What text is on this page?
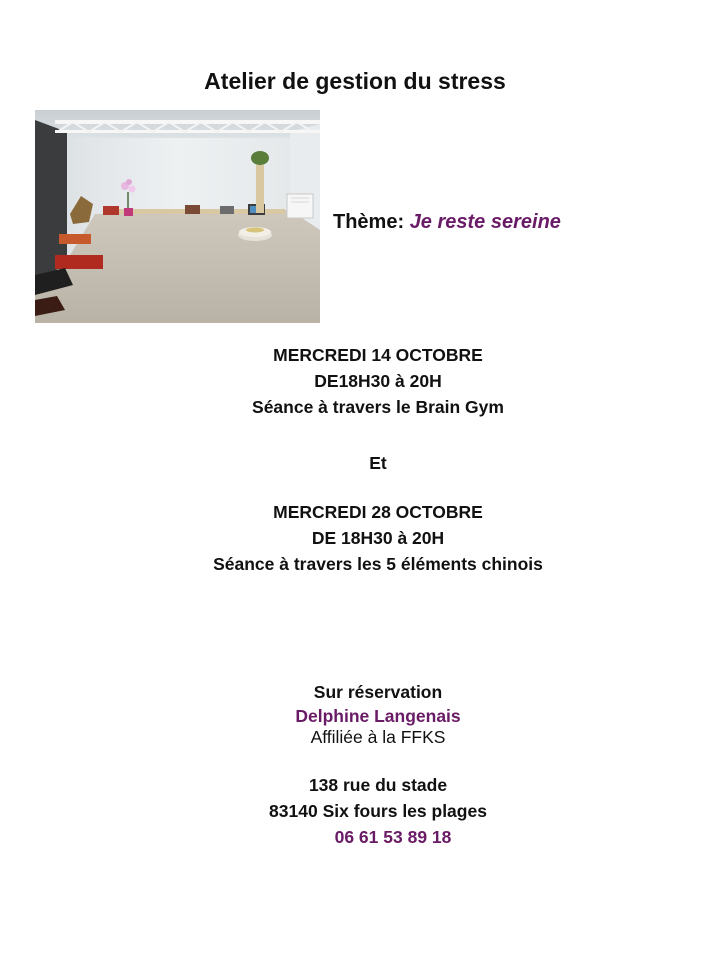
Atelier de gestion du stress
Thème: Je reste sereine
MERCREDI 14 OCTOBRE
DE18H30 à 20H
Séance à travers le Brain Gym
Et
MERCREDI 28 OCTOBRE
DE 18H30 à 20H
Séance à travers les 5 éléments chinois
Sur réservation
Delphine Langenais
Affiliée à la FFKS
138 rue du stade
83140 Six fours les plages
06 61 53 89 18
